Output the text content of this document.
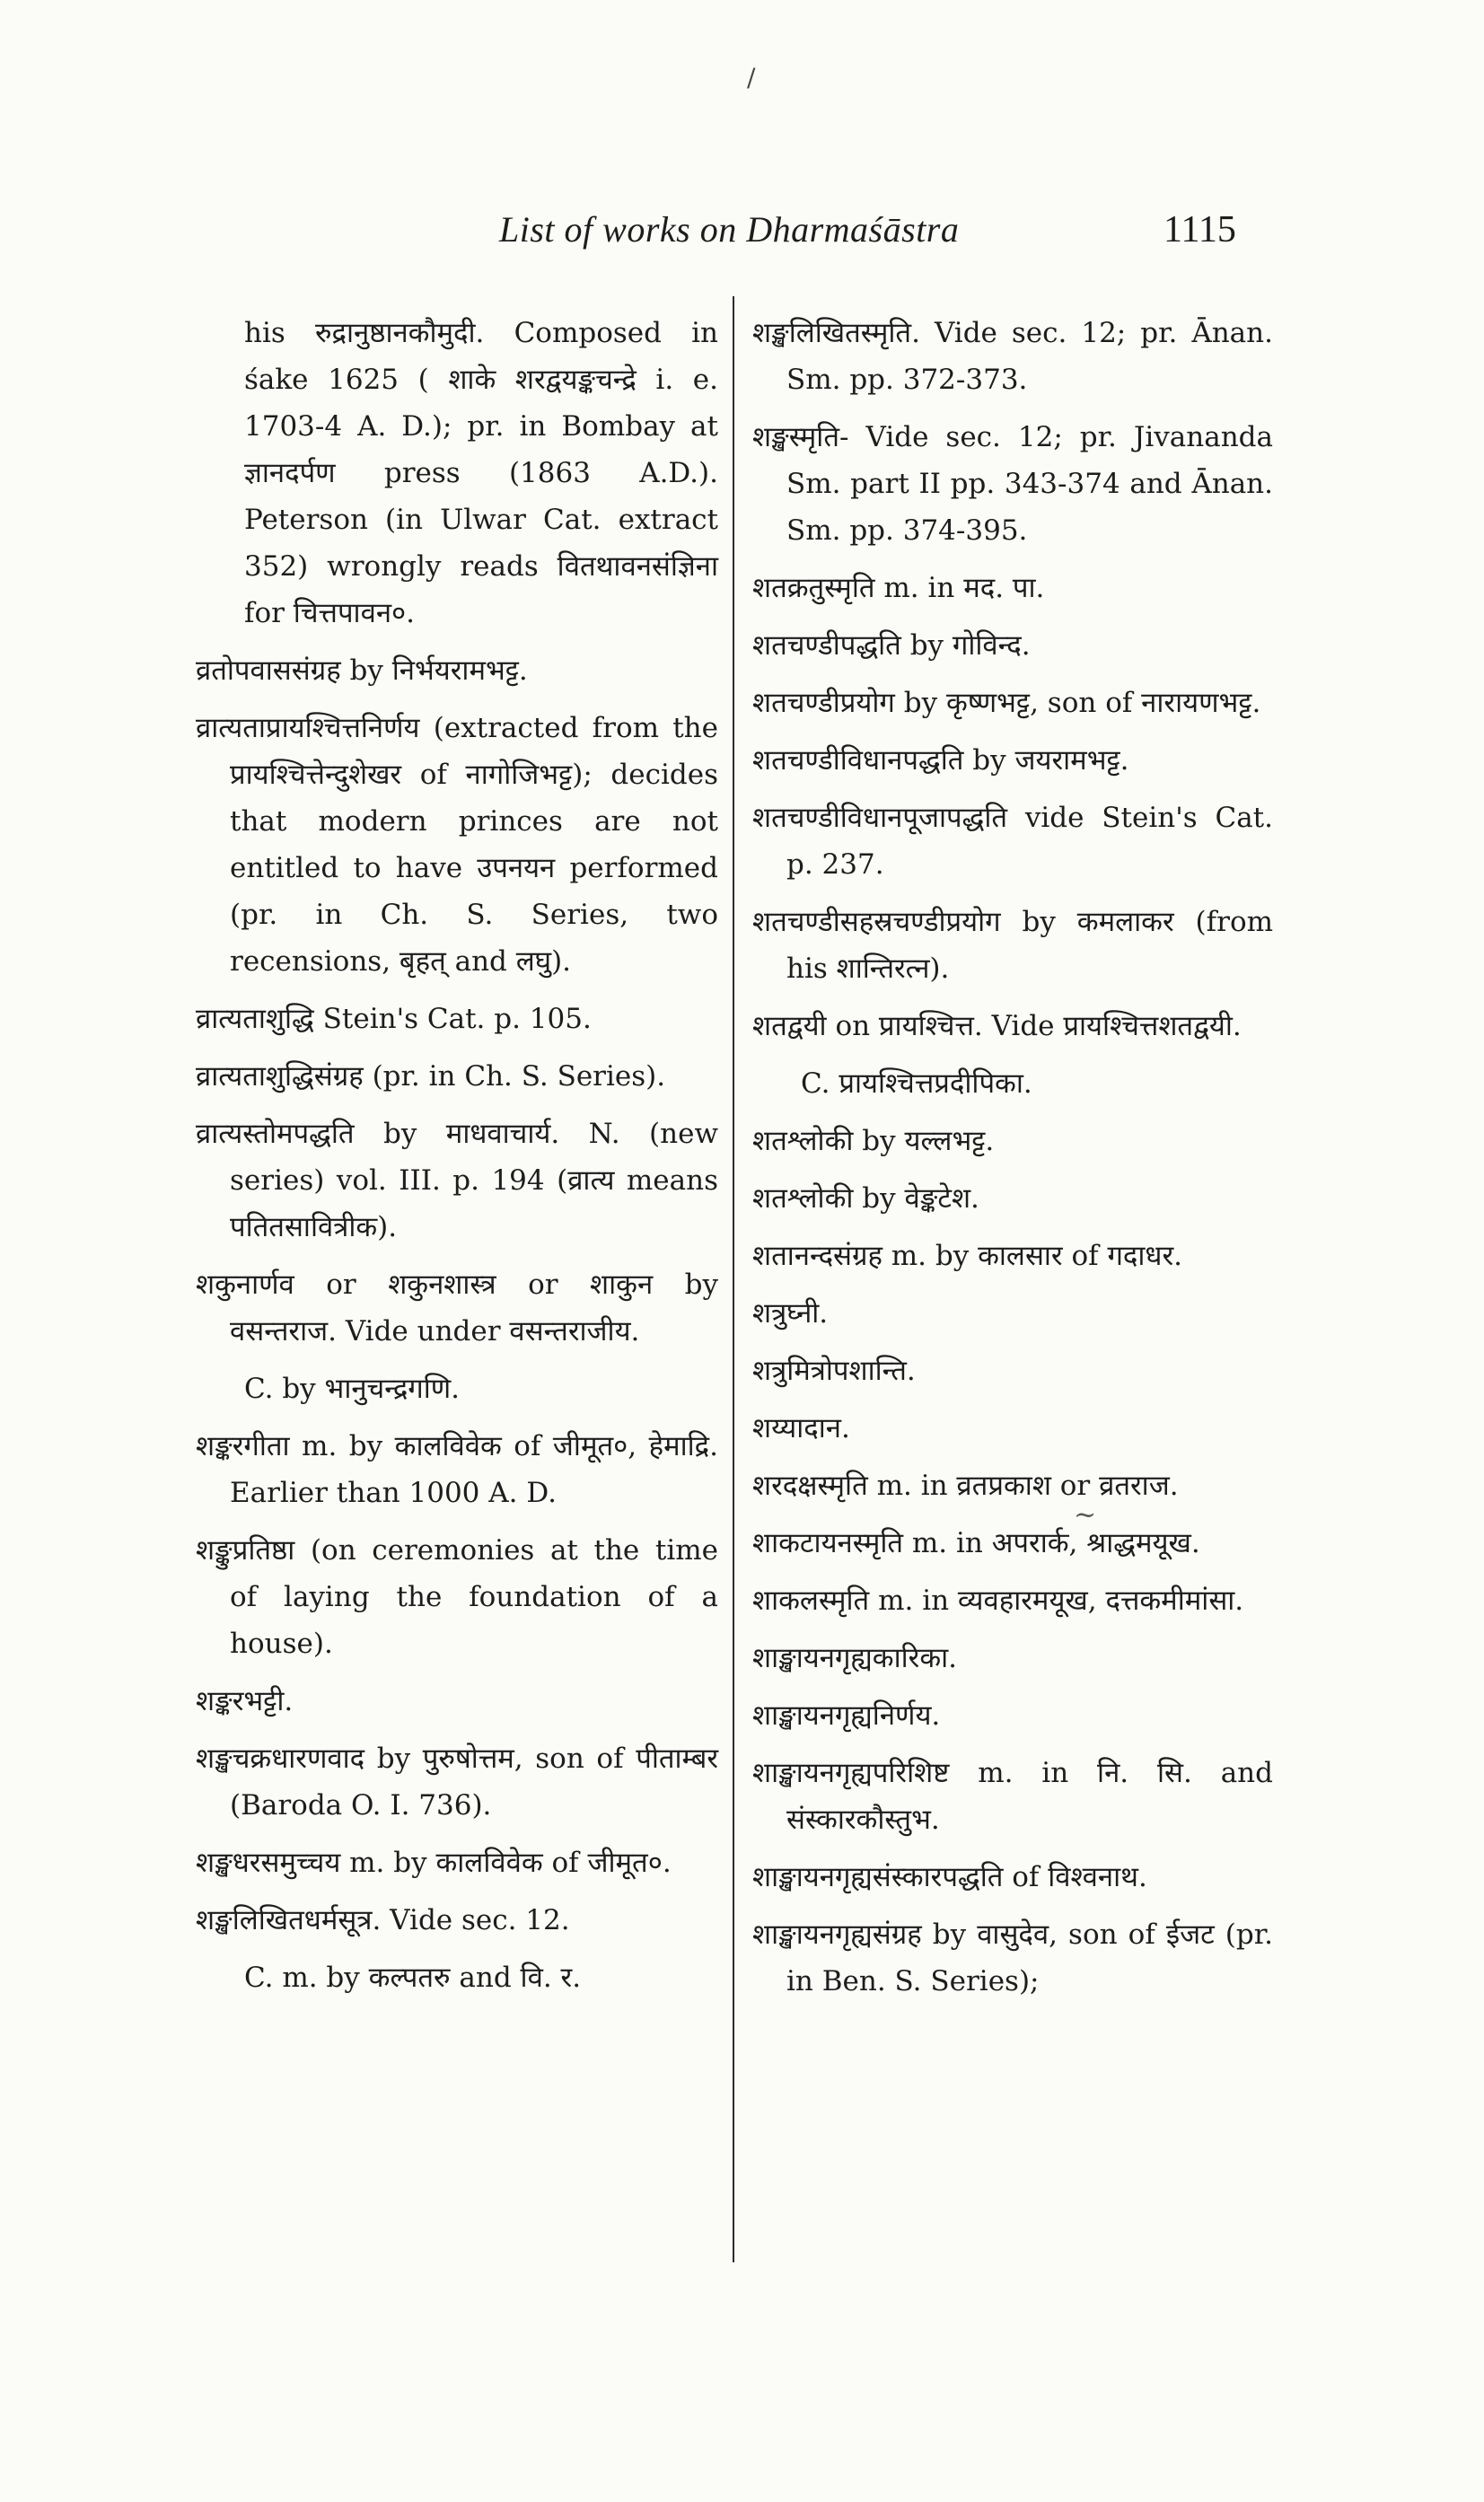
/
List of works on Dharmaśāstra	1115

his रुद्रानुष्ठानकौमुदी. Composed in śake 1625 ( शाके शरद्वयङ्कचन्द्रे i. e. 1703-4 A. D.); pr. in Bombay at ज्ञानदर्पण press (1863 A.D.). Peterson (in Ulwar Cat. extract 352) wrongly reads वितथावनसंज्ञिना for चित्तपावन०.

व्रतोपवाससंग्रह by निर्भयरामभट्ट.

व्रात्यताप्रायश्चित्तनिर्णय (extracted from the प्रायश्चित्तेन्दुशेखर of नागोजिभट्ट); decides that modern princes are not entitled to have उपनयन performed (pr. in Ch. S. Series, two recensions, बृहत् and लघु).

व्रात्यताशुद्धि Stein's Cat. p. 105.

व्रात्यताशुद्धिसंग्रह (pr. in Ch. S. Series).

व्रात्यस्तोमपद्धति by माधवाचार्य. N. (new series) vol. III. p. 194 (व्रात्य means पतितसावित्रीक).

शकुनार्णव or शकुनशास्त्र or शाकुन by वसन्तराज. Vide under वसन्तराजीय.

C. by भानुचन्द्रगणि.

शङ्करगीता m. by कालविवेक of जीमूत०, हेमाद्रि. Earlier than 1000 A. D.

शङ्कुप्रतिष्ठा (on ceremonies at the time of laying the foundation of a house).

शङ्करभट्टी.

शङ्खचक्रधारणवाद by पुरुषोत्तम, son of पीताम्बर (Baroda O. I. 736).

शङ्खधरसमुच्चय m. by कालविवेक of जीमूत०.

शङ्खलिखितधर्मसूत्र. Vide sec. 12.

C. m. by कल्पतरु and वि. र.

शङ्खलिखितस्मृति. Vide sec. 12; pr. Ānan. Sm. pp. 372-373.

शङ्खस्मृति- Vide sec. 12; pr. Jivananda Sm. part II pp. 343-374 and Ānan. Sm. pp. 374-395.

शतक्रतुस्मृति m. in मद. पा.

शतचण्डीपद्धति by गोविन्द.

शतचण्डीप्रयोग by कृष्णभट्ट, son of नारायणभट्ट.

शतचण्डीविधानपद्धति by जयरामभट्ट.

शतचण्डीविधानपूजापद्धति vide Stein's Cat. p. 237.

शतचण्डीसहस्रचण्डीप्रयोग by कमलाकर (from his शान्तिरत्न).

शतद्वयी on प्रायश्चित्त. Vide प्रायश्चित्तशतद्वयी.

C. प्रायश्चित्तप्रदीपिका.

शतश्लोकी by यल्लभट्ट.

शतश्लोकी by वेङ्कटेश.

शतानन्दसंग्रह m. by कालसार of गदाधर.

शत्रुघ्नी.

शत्रुमित्रोपशान्ति.

शय्यादान.

शरदक्षस्मृति m. in व्रतप्रकाश or व्रतराज.

शाकटायनस्मृति m. in अपरार्क, श्राद्धमयूख.

शाकलस्मृति m. in व्यवहारमयूख, दत्तकमीमांसा.

शाङ्खायनगृह्यकारिका.

शाङ्खायनगृह्यनिर्णय.

शाङ्खायनगृह्यपरिशिष्ट m. in नि. सि. and संस्कारकौस्तुभ.

शाङ्खायनगृह्यसंस्कारपद्धति of विश्वनाथ.

शाङ्खायनगृह्यसंग्रह by वासुदेव, son of ईजट (pr. in Ben. S. Series);

~
